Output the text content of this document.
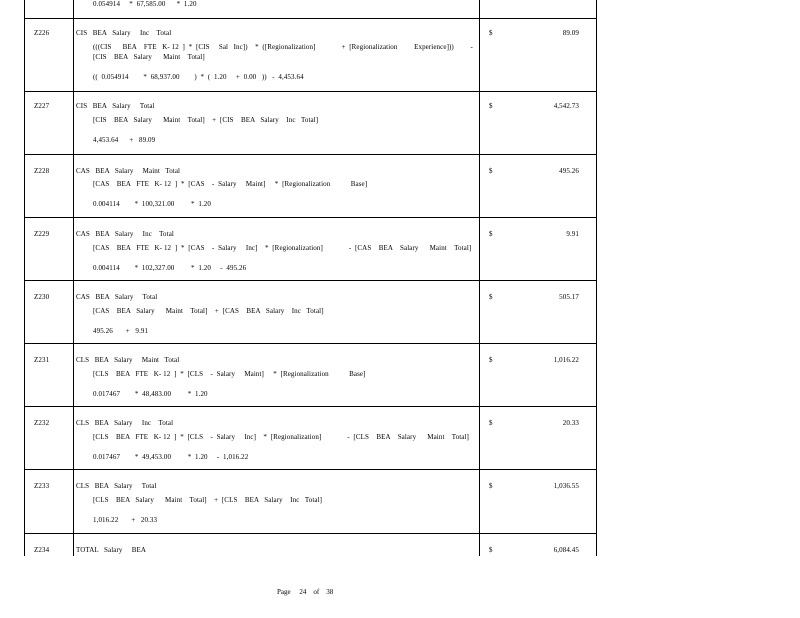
0.054914     *  67,585.00      *  1.20
Z226	CIS   BEA   Salary     Inc    Total
(((CIS      BEA    FTE   K- 12  ]  *  [CIS     Sal   Inc])    *  ([Regionalization]              +  [Regionalization         Experience]))         -
[CIS    BEA   Salary      Maint    Total]
((  0.054914        *  68,937.00        )  *  (  1.20     +  0.00   ))   -  4,453.64
$	89.09
Z227	CIS   BEA   Salary     Total
[CIS    BEA   Salary      Maint    Total]    +  [CIS    BEA   Salary    Inc   Total]
4,453.64      +   89.09
$	4,542.73
Z228	CAS   BEA   Salary     Maint   Total
[CAS    BEA   FTE   K- 12  ]  *  [CAS    -  Salary     Maint]     *  [Regionalization           Base]
0.004114        *  100,321.00         *  1.20
$	495.26
Z229	CAS   BEA   Salary     Inc    Total
[CAS    BEA   FTE   K- 12  ]  *  [CAS    -  Salary     Inc]    *  [Regionalization]              -  [CAS    BEA    Salary      Maint    Total]
0.004114        *  102,327.00         *  1.20     -  495.26
$	9.91
Z230	CAS   BEA   Salary     Total
[CAS    BEA   Salary      Maint    Total]    +  [CAS    BEA   Salary    Inc   Total]
495.26       +   9.91
$	505.17
Z231	CLS   BEA   Salary     Maint   Total
[CLS    BEA   FTE   K- 12  ]  *  [CLS    -  Salary     Maint]     *  [Regionalization           Base]
0.017467        *  48,483.00         *  1.20
$	1,016.22
Z232	CLS   BEA   Salary     Inc    Total
[CLS    BEA   FTE   K- 12  ]  *  [CLS    -  Salary     Inc]    *  [Regionalization]              -  [CLS    BEA    Salary      Maint    Total]
0.017467        *  49,453.00         *  1.20     -  1,016.22
$	20.33
Z233	CLS   BEA   Salary     Total
[CLS    BEA   Salary      Maint    Total]    +  [CLS    BEA   Salary    Inc   Total]
1,016.22       +   20.33
$	1,036.55
Z234	TOTAL   Salary     BEA	$	6,084.45
Page     24    of    38
